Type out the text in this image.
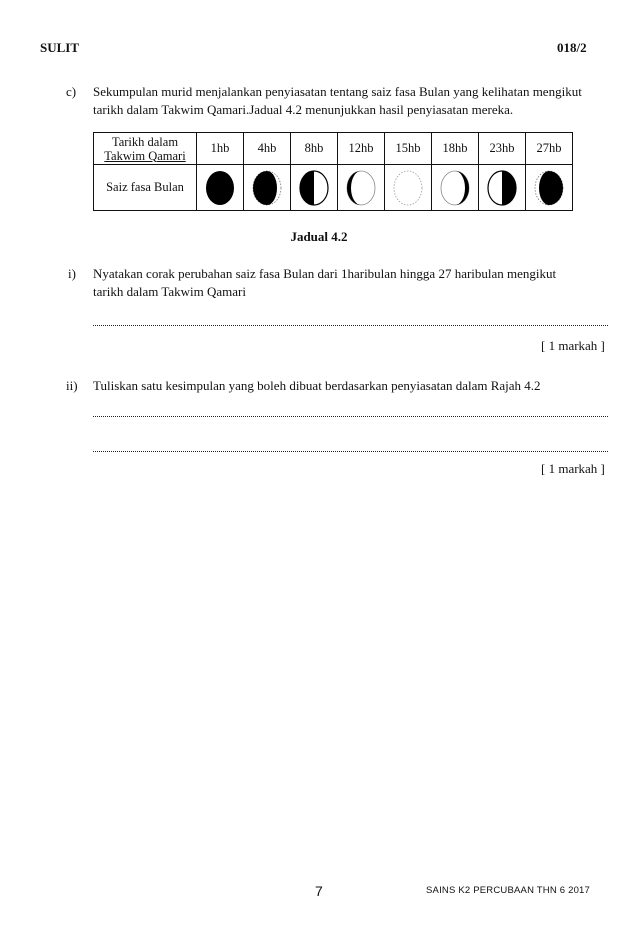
SULIT	018/2
c) Sekumpulan murid menjalankan penyiasatan tentang saiz fasa Bulan yang kelihatan mengikut
tarikh dalam Takwim Qamari.Jadual 4.2 menunjukkan hasil penyiasatan mereka.
Tarikh dalam
Takwim Qamari	1hb	4hb	8hb	12hb	15hb	18hb	23hb	27hb
Saiz fasa Bulan	

Jadual 4.2
i) Nyatakan corak perubahan saiz fasa Bulan dari 1haribulan hingga 27 haribulan mengikut
tarikh dalam Takwim Qamari
[ 1 markah ]
ii) Tuliskan satu kesimpulan yang boleh dibuat berdasarkan penyiasatan dalam Rajah 4.2
[ 1 markah ]
7	SAINS K2 PERCUBAAN THN 6 2017
